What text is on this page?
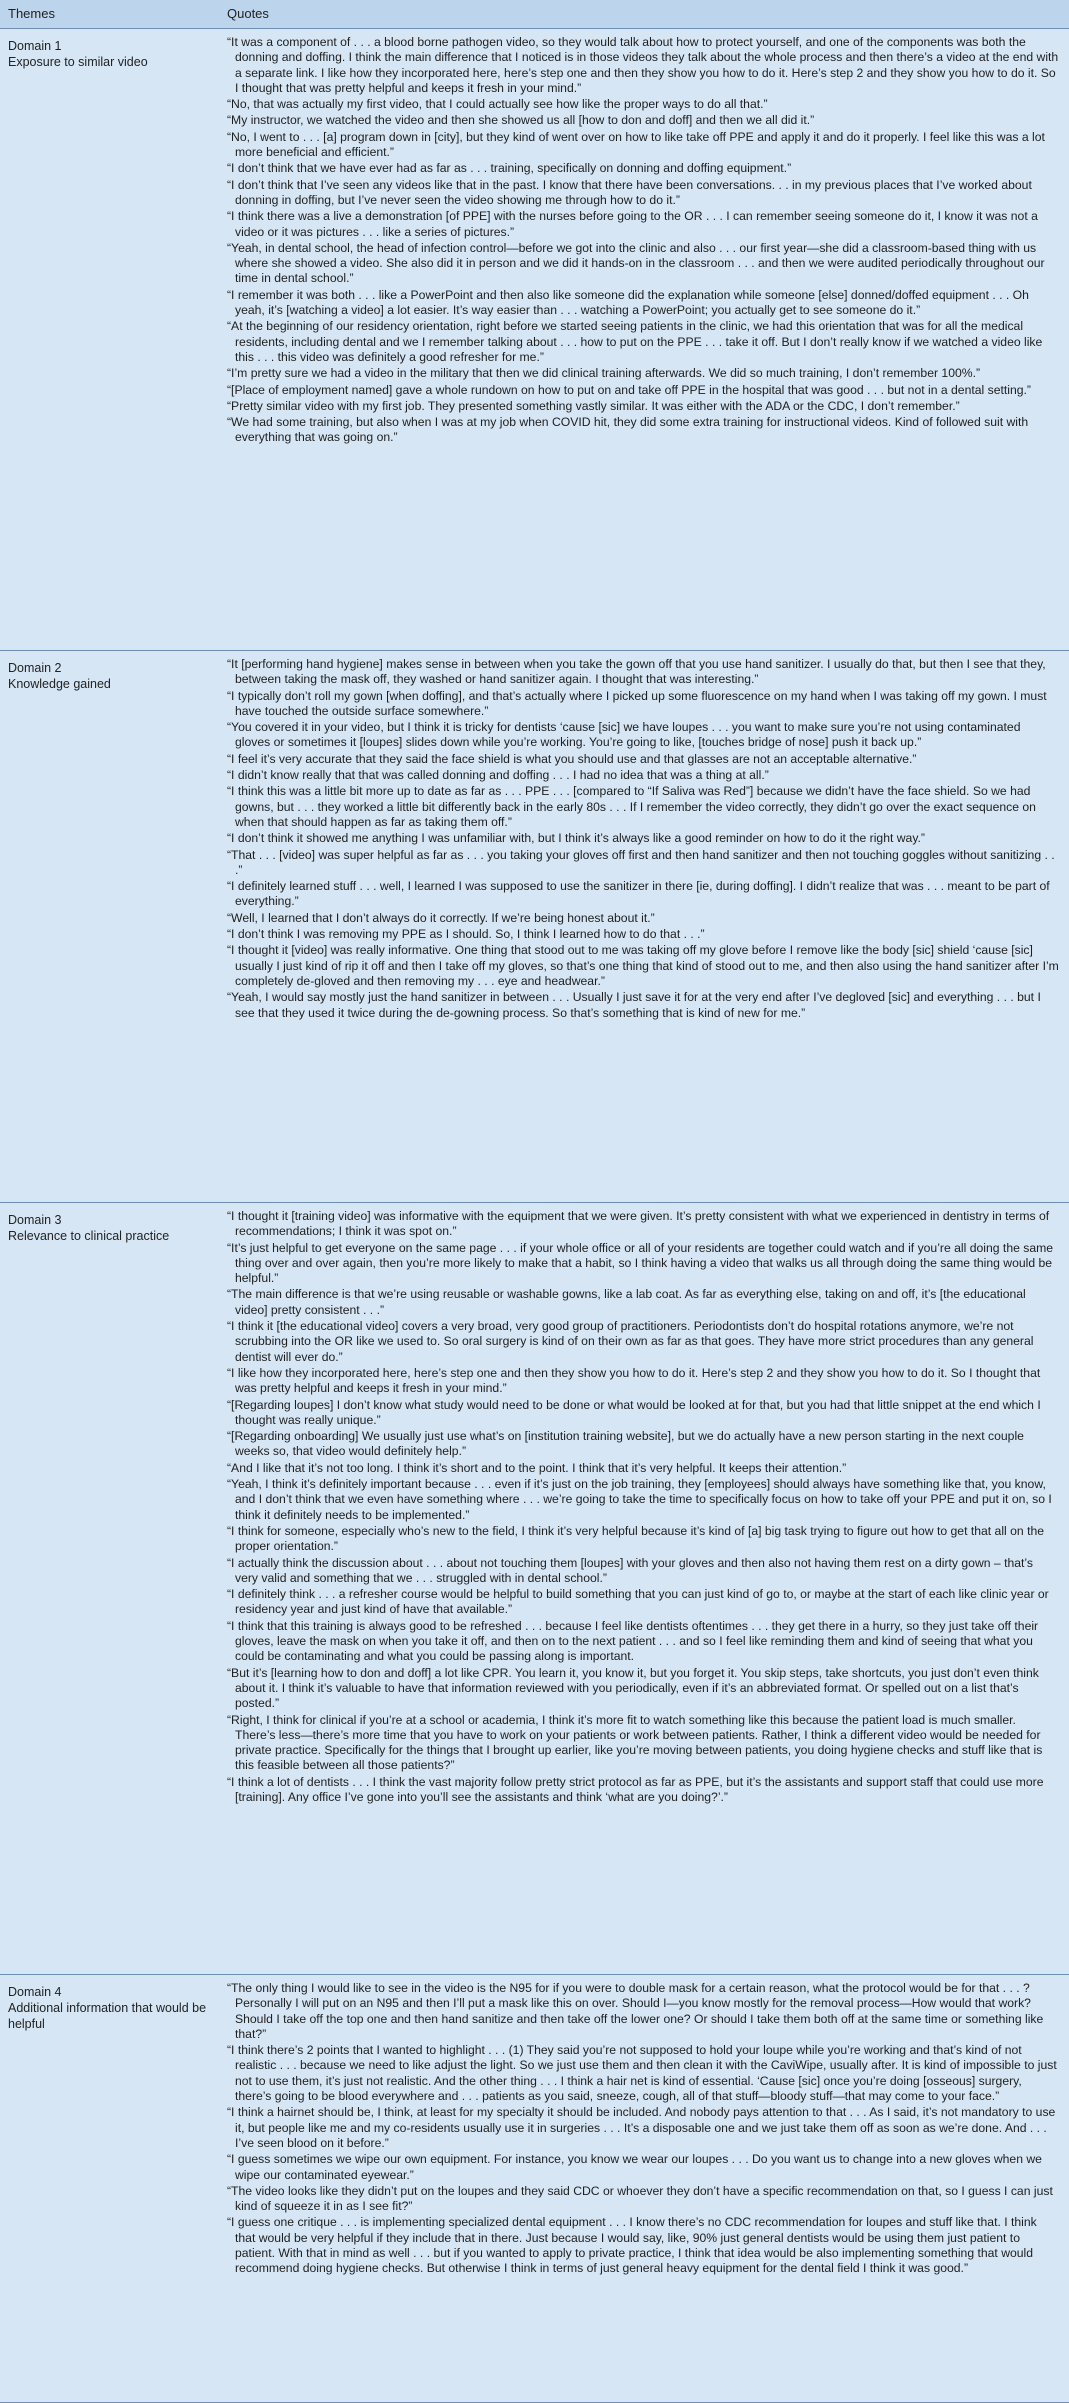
Themes	Quotes
Domain 1
Exposure to similar video

“It was a component of . . . a blood borne pathogen video, so they would talk about how to protect yourself, and one of the components was both the donning and doffing. I think the main difference that I noticed is in those videos they talk about the whole process and then there’s a video at the end with a separate link. I like how they incorporated here, here’s step one and then they show you how to do it. Here’s step 2 and they show you how to do it. So I thought that was pretty helpful and keeps it fresh in your mind.”

“No, that was actually my first video, that I could actually see how like the proper ways to do all that.”

“My instructor, we watched the video and then she showed us all [how to don and doff] and then we all did it.”

“No, I went to . . . [a] program down in [city], but they kind of went over on how to like take off PPE and apply it and do it properly. I feel like this was a lot more beneficial and efficient.”

“I don’t think that we have ever had as far as . . . training, specifically on donning and doffing equipment.”

“I don’t think that I’ve seen any videos like that in the past. I know that there have been conversations. . . in my previous places that I’ve worked about donning in doffing, but I’ve never seen the video showing me through how to do it.”

“I think there was a live a demonstration [of PPE] with the nurses before going to the OR . . . I can remember seeing someone do it, I know it was not a video or it was pictures . . . like a series of pictures.”

“Yeah, in dental school, the head of infection control—before we got into the clinic and also . . . our first year—she did a classroom-based thing with us where she showed a video. She also did it in person and we did it hands-on in the classroom . . . and then we were audited periodically throughout our time in dental school.”

“I remember it was both . . . like a PowerPoint and then also like someone did the explanation while someone [else] donned/doffed equipment . . . Oh yeah, it’s [watching a video] a lot easier. It’s way easier than . . . watching a PowerPoint; you actually get to see someone do it.”

“At the beginning of our residency orientation, right before we started seeing patients in the clinic, we had this orientation that was for all the medical residents, including dental and we I remember talking about . . . how to put on the PPE . . . take it off. But I don’t really know if we watched a video like this . . . this video was definitely a good refresher for me.”

“I’m pretty sure we had a video in the military that then we did clinical training afterwards. We did so much training, I don’t remember 100%.”

“[Place of employment named] gave a whole rundown on how to put on and take off PPE in the hospital that was good . . . but not in a dental setting.”

“Pretty similar video with my first job. They presented something vastly similar. It was either with the ADA or the CDC, I don’t remember.”

“We had some training, but also when I was at my job when COVID hit, they did some extra training for instructional videos. Kind of followed suit with everything that was going on.”

Domain 2
Knowledge gained

“It [performing hand hygiene] makes sense in between when you take the gown off that you use hand sanitizer. I usually do that, but then I see that they, between taking the mask off, they washed or hand sanitizer again. I thought that was interesting.”

“I typically don’t roll my gown [when doffing], and that’s actually where I picked up some fluorescence on my hand when I was taking off my gown. I must have touched the outside surface somewhere.”

“You covered it in your video, but I think it is tricky for dentists ‘cause [sic] we have loupes . . . you want to make sure you’re not using contaminated gloves or sometimes it [loupes] slides down while you’re working. You’re going to like, [touches bridge of nose] push it back up.”

“I feel it’s very accurate that they said the face shield is what you should use and that glasses are not an acceptable alternative.”

“I didn’t know really that that was called donning and doffing . . . I had no idea that was a thing at all.”

“I think this was a little bit more up to date as far as . . . PPE . . . [compared to “If Saliva was Red”] because we didn’t have the face shield. So we had gowns, but . . . they worked a little bit differently back in the early 80s . . . If I remember the video correctly, they didn’t go over the exact sequence on when that should happen as far as taking them off.”

“I don’t think it showed me anything I was unfamiliar with, but I think it’s always like a good reminder on how to do it the right way.”

“That . . . [video] was super helpful as far as . . . you taking your gloves off first and then hand sanitizer and then not touching goggles without sanitizing . . .”

“I definitely learned stuff . . . well, I learned I was supposed to use the sanitizer in there [ie, during doffing]. I didn’t realize that was . . . meant to be part of everything.”

“Well, I learned that I don’t always do it correctly. If we’re being honest about it.”

“I don’t think I was removing my PPE as I should. So, I think I learned how to do that . . .”

“I thought it [video] was really informative. One thing that stood out to me was taking off my glove before I remove like the body [sic] shield ‘cause [sic] usually I just kind of rip it off and then I take off my gloves, so that’s one thing that kind of stood out to me, and then also using the hand sanitizer after I’m completely de-gloved and then removing my . . . eye and headwear.”

“Yeah, I would say mostly just the hand sanitizer in between . . . Usually I just save it for at the very end after I’ve degloved [sic] and everything . . . but I see that they used it twice during the de-gowning process. So that’s something that is kind of new for me.”

Domain 3
Relevance to clinical practice

“I thought it [training video] was informative with the equipment that we were given. It’s pretty consistent with what we experienced in dentistry in terms of recommendations; I think it was spot on.”

“It’s just helpful to get everyone on the same page . . . if your whole office or all of your residents are together could watch and if you’re all doing the same thing over and over again, then you’re more likely to make that a habit, so I think having a video that walks us all through doing the same thing would be helpful.”

“The main difference is that we’re using reusable or washable gowns, like a lab coat. As far as everything else, taking on and off, it’s [the educational video] pretty consistent . . .”

“I think it [the educational video] covers a very broad, very good group of practitioners. Periodontists don’t do hospital rotations anymore, we’re not scrubbing into the OR like we used to. So oral surgery is kind of on their own as far as that goes. They have more strict procedures than any general dentist will ever do.”

“I like how they incorporated here, here’s step one and then they show you how to do it. Here’s step 2 and they show you how to do it. So I thought that was pretty helpful and keeps it fresh in your mind.”

“[Regarding loupes] I don’t know what study would need to be done or what would be looked at for that, but you had that little snippet at the end which I thought was really unique.”

“[Regarding onboarding] We usually just use what’s on [institution training website], but we do actually have a new person starting in the next couple weeks so, that video would definitely help.”

“And I like that it’s not too long. I think it’s short and to the point. I think that it’s very helpful. It keeps their attention.”

“Yeah, I think it’s definitely important because . . . even if it’s just on the job training, they [employees] should always have something like that, you know, and I don’t think that we even have something where . . . we’re going to take the time to specifically focus on how to take off your PPE and put it on, so I think it definitely needs to be implemented.”

“I think for someone, especially who’s new to the field, I think it’s very helpful because it’s kind of [a] big task trying to figure out how to get that all on the proper orientation.”

“I actually think the discussion about . . . about not touching them [loupes] with your gloves and then also not having them rest on a dirty gown – that’s very valid and something that we . . . struggled with in dental school.”

“I definitely think . . . a refresher course would be helpful to build something that you can just kind of go to, or maybe at the start of each like clinic year or residency year and just kind of have that available.”

“I think that this training is always good to be refreshed . . . because I feel like dentists oftentimes . . . they get there in a hurry, so they just take off their gloves, leave the mask on when you take it off, and then on to the next patient . . . and so I feel like reminding them and kind of seeing that what you could be contaminating and what you could be passing along is important.

“But it’s [learning how to don and doff] a lot like CPR. You learn it, you know it, but you forget it. You skip steps, take shortcuts, you just don’t even think about it. I think it’s valuable to have that information reviewed with you periodically, even if it’s an abbreviated format. Or spelled out on a list that’s posted.”

“Right, I think for clinical if you’re at a school or academia, I think it’s more fit to watch something like this because the patient load is much smaller. There’s less—there’s more time that you have to work on your patients or work between patients. Rather, I think a different video would be needed for private practice. Specifically for the things that I brought up earlier, like you’re moving between patients, you doing hygiene checks and stuff like that is this feasible between all those patients?”

“I think a lot of dentists . . . I think the vast majority follow pretty strict protocol as far as PPE, but it’s the assistants and support staff that could use more [training]. Any office I’ve gone into you’ll see the assistants and think ‘what are you doing?’.”

Domain 4
Additional information that would be helpful

“The only thing I would like to see in the video is the N95 for if you were to double mask for a certain reason, what the protocol would be for that . . . ? Personally I will put on an N95 and then I’ll put a mask like this on over. Should I—you know mostly for the removal process—How would that work? Should I take off the top one and then hand sanitize and then take off the lower one? Or should I take them both off at the same time or something like that?”

“I think there’s 2 points that I wanted to highlight . . . (1) They said you’re not supposed to hold your loupe while you’re working and that’s kind of not realistic . . . because we need to like adjust the light. So we just use them and then clean it with the CaviWipe, usually after. It is kind of impossible to just not to use them, it’s just not realistic. And the other thing . . . I think a hair net is kind of essential. ‘Cause [sic] once you’re doing [osseous] surgery, there’s going to be blood everywhere and . . . patients as you said, sneeze, cough, all of that stuff—bloody stuff—that may come to your face.”

“I think a hairnet should be, I think, at least for my specialty it should be included. And nobody pays attention to that . . . As I said, it’s not mandatory to use it, but people like me and my co-residents usually use it in surgeries . . . It’s a disposable one and we just take them off as soon as we’re done. And . . . I’ve seen blood on it before.”

“I guess sometimes we wipe our own equipment. For instance, you know we wear our loupes . . . Do you want us to change into a new gloves when we wipe our contaminated eyewear.”

“The video looks like they didn’t put on the loupes and they said CDC or whoever they don’t have a specific recommendation on that, so I guess I can just kind of squeeze it in as I see fit?”

“I guess one critique . . . is implementing specialized dental equipment . . . I know there’s no CDC recommendation for loupes and stuff like that. I think that would be very helpful if they include that in there. Just because I would say, like, 90% just general dentists would be using them just patient to patient. With that in mind as well . . . but if you wanted to apply to private practice, I think that idea would be also implementing something that would recommend doing hygiene checks. But otherwise I think in terms of just general heavy equipment for the dental field I think it was good.”
